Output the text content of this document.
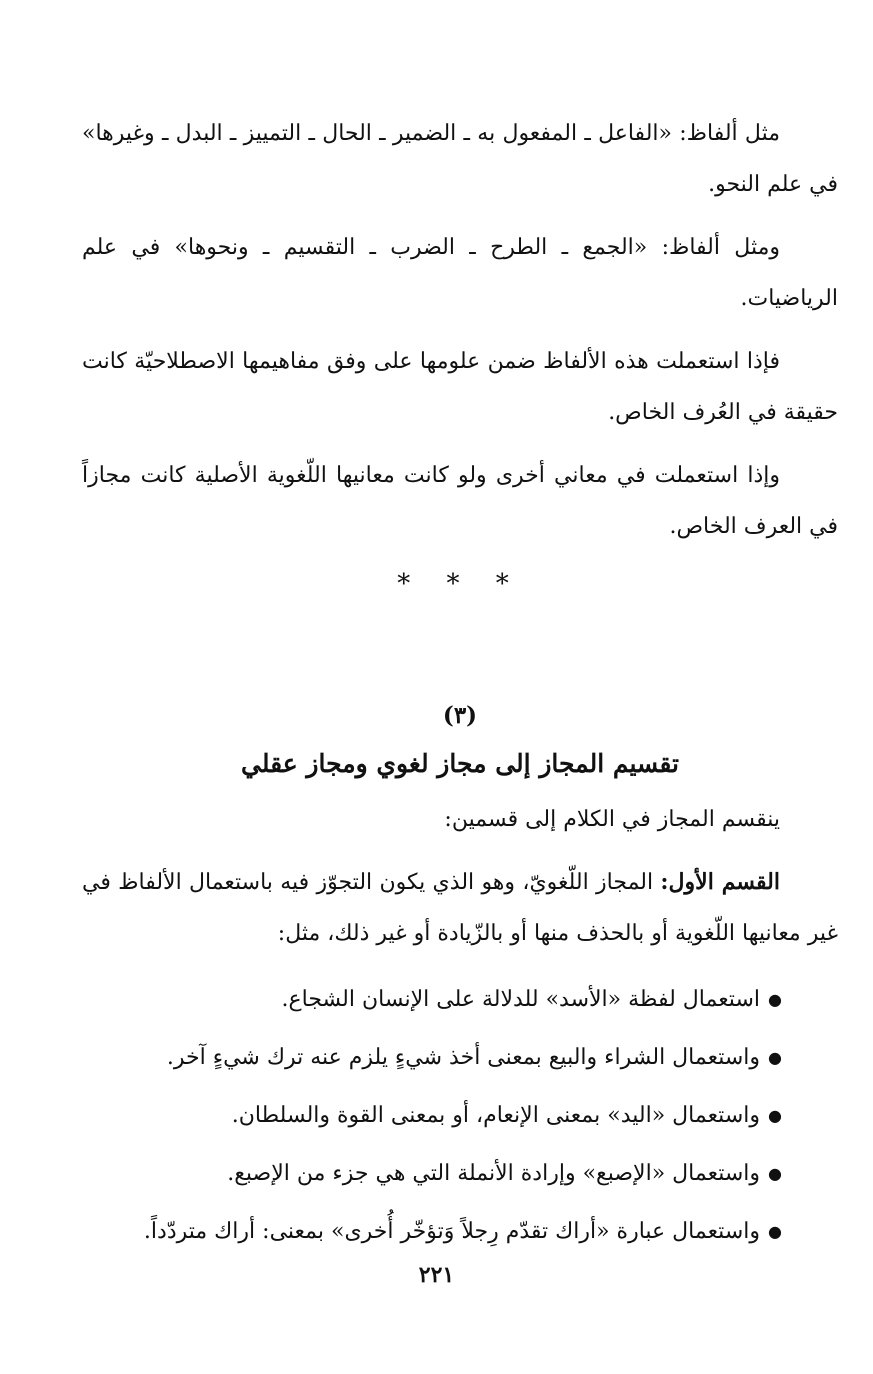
مثل ألفاظ: «الفاعل ـ المفعول به ـ الضمير ـ الحال ـ التمييز ـ البدل ـ وغيرها» في علم النحو.

ومثل ألفاظ: «الجمع ـ الطرح ـ الضرب ـ التقسيم ـ ونحوها» في علم الرياضيات.

فإذا استعملت هذه الألفاظ ضمن علومها على وفق مفاهيمها الاصطلاحيّة كانت حقيقة في العُرف الخاص.

وإذا استعملت في معاني أخرى ولو كانت معانيها اللّغوية الأصلية كانت مجازاً في العرف الخاص.

* * *
(٣)
تقسيم المجاز إلى مجاز لغوي ومجاز عقلي

ينقسم المجاز في الكلام إلى قسمين:

القسم الأول: المجاز اللّغويّ، وهو الذي يكون التجوّز فيه باستعمال الألفاظ في غير معانيها اللّغوية أو بالحذف منها أو بالزّيادة أو غير ذلك، مثل:

●
استعمال لفظة «الأسد» للدلالة على الإنسان الشجاع.
●
واستعمال الشراء والبيع بمعنى أخذ شيءٍ يلزم عنه ترك شيءٍ آخر.
●
واستعمال «اليد» بمعنى الإنعام، أو بمعنى القوة والسلطان.
●
واستعمال «الإصبع» وإرادة الأنملة التي هي جزء من الإصبع.
●
واستعمال عبارة «أراك تقدّم رِجلاً وَتؤخّر أُخرى» بمعنى: أراك متردّداً.
٢٢١
